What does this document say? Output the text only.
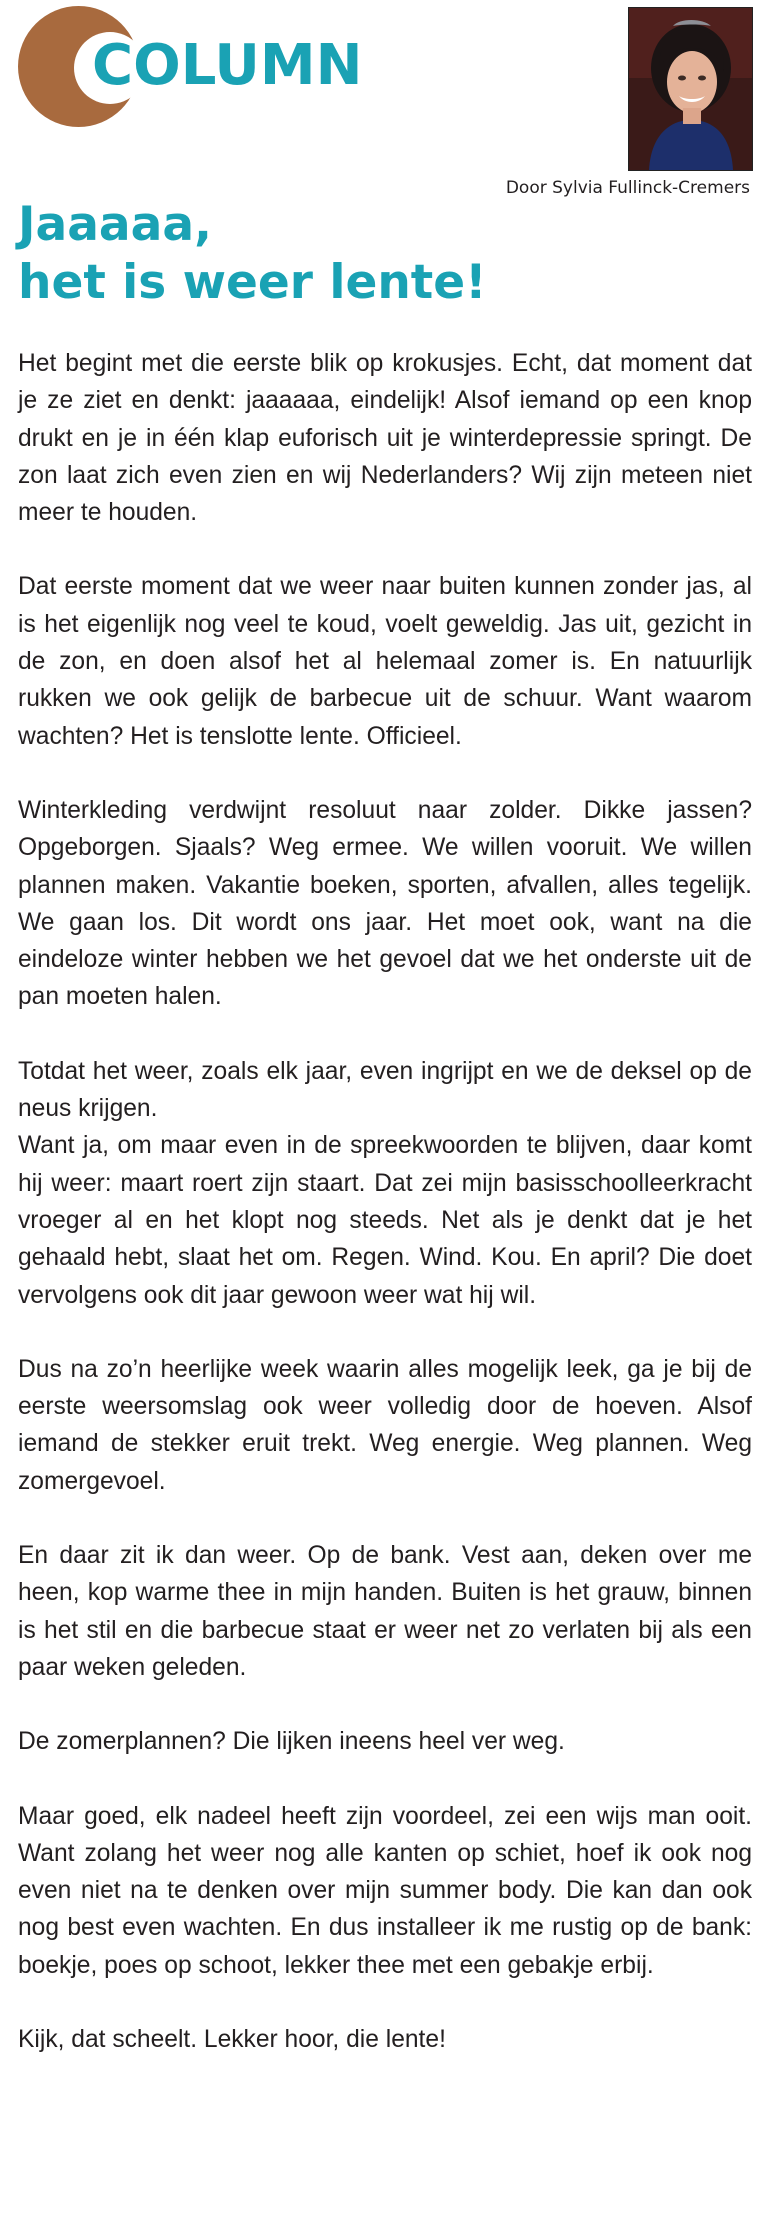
COLUMN
Door Sylvia Fullinck-Cremers
Jaaaaa,
het is weer lente!

Het begint met die eerste blik op krokusjes. Echt, dat moment dat je ze ziet en denkt: jaaaaaa, eindelijk! Alsof iemand op een knop drukt en je in één klap euforisch uit je winterdepressie springt. De zon laat zich even zien en wij Nederlanders? Wij zijn meteen niet meer te houden.

Dat eerste moment dat we weer naar buiten kunnen zonder jas, al is het eigenlijk nog veel te koud, voelt geweldig. Jas uit, gezicht in de zon, en doen alsof het al helemaal zomer is. En natuurlijk rukken we ook gelijk de barbecue uit de schuur. Want waarom wachten? Het is tenslotte lente. Officieel.

Winterkleding verdwijnt resoluut naar zolder. Dikke jassen? Opgeborgen. Sjaals? Weg ermee. We willen vooruit. We willen plannen maken. Vakantie boeken, sporten, afvallen, alles tegelijk. We gaan los. Dit wordt ons jaar. Het moet ook, want na die eindeloze winter hebben we het gevoel dat we het onderste uit de pan moeten halen.

Totdat het weer, zoals elk jaar, even ingrijpt en we de deksel op de neus krijgen.

Want ja, om maar even in de spreekwoorden te blijven, daar komt hij weer: maart roert zijn staart. Dat zei mijn basisschoolleerkracht vroeger al en het klopt nog steeds. Net als je denkt dat je het gehaald hebt, slaat het om. Regen. Wind. Kou. En april? Die doet vervolgens ook dit jaar gewoon weer wat hij wil.

Dus na zo’n heerlijke week waarin alles mogelijk leek, ga je bij de eerste weersomslag ook weer volledig door de hoeven. Alsof iemand de stekker eruit trekt. Weg energie. Weg plannen. Weg zomergevoel.

En daar zit ik dan weer. Op de bank. Vest aan, deken over me heen, kop warme thee in mijn handen. Buiten is het grauw, binnen is het stil en die barbecue staat er weer net zo verlaten bij als een paar weken geleden.

De zomerplannen? Die lijken ineens heel ver weg.

Maar goed, elk nadeel heeft zijn voordeel, zei een wijs man ooit. Want zolang het weer nog alle kanten op schiet, hoef ik ook nog even niet na te denken over mijn summer body. Die kan dan ook nog best even wachten. En dus installeer ik me rustig op de bank: boekje, poes op schoot, lekker thee met een gebakje erbij.

Kijk, dat scheelt. Lekker hoor, die lente!
